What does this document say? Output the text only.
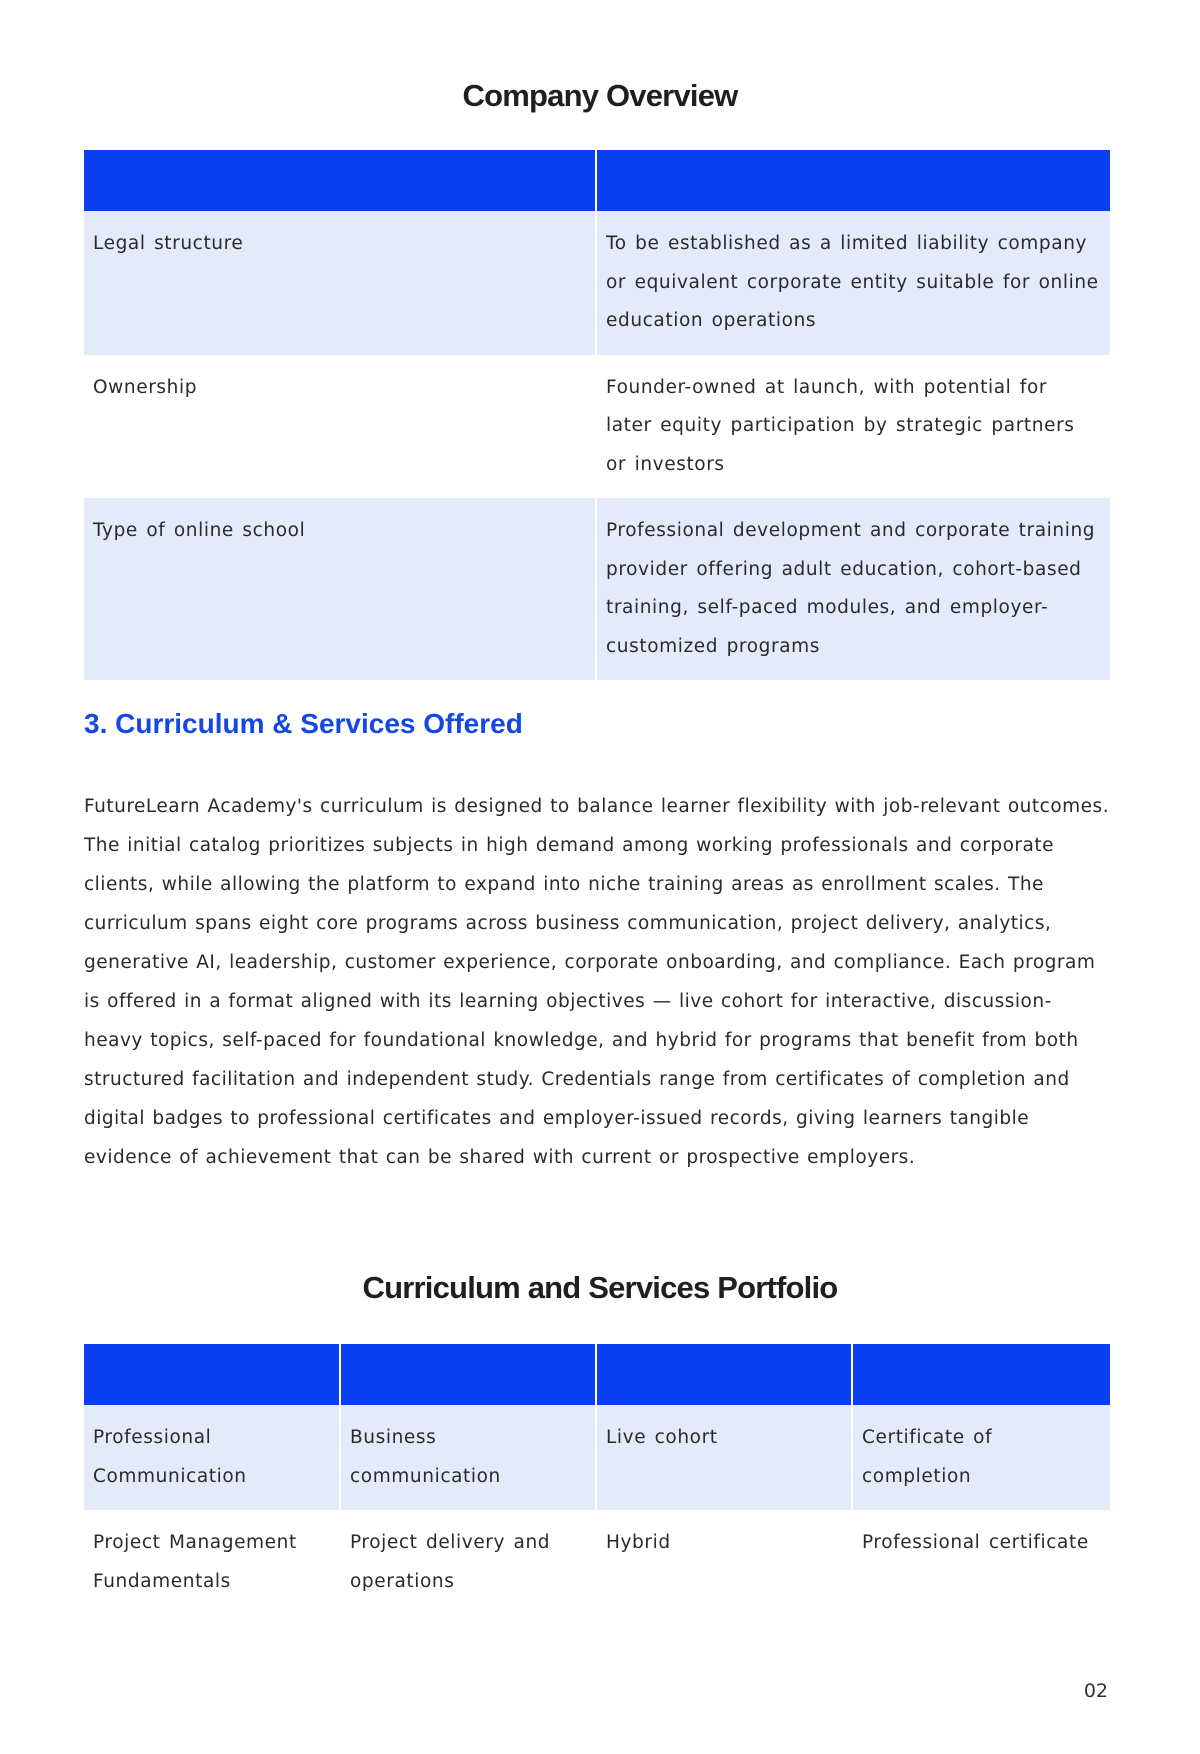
Company Overview

Legal structure	To be established as a limited liability company or equivalent corporate entity suitable for online education operations
Ownership	Founder-owned at launch, with potential for later equity participation by strategic partners or investors
Type of online school	Professional development and corporate training provider offering adult education, cohort-based training, self-paced modules, and employer-customized programs
3. Curriculum & Services Offered

FutureLearn Academy's curriculum is designed to balance learner flexibility with job-relevant outcomes. The initial catalog prioritizes subjects in high demand among working professionals and corporate clients, while allowing the platform to expand into niche training areas as enrollment scales. The curriculum spans eight core programs across business communication, project delivery, analytics, generative AI, leadership, customer experience, corporate onboarding, and compliance. Each program is offered in a format aligned with its learning objectives — live cohort for interactive, discussion-heavy topics, self-paced for foundational knowledge, and hybrid for programs that benefit from both structured facilitation and independent study. Credentials range from certificates of completion and digital badges to professional certificates and employer-issued records, giving learners tangible evidence of achievement that can be shared with current or prospective employers.

Curriculum and Services Portfolio

Professional Communication	Business communication	Live cohort	Certificate of completion
Project Management Fundamentals	Project delivery and operations	Hybrid	Professional certificate
02
